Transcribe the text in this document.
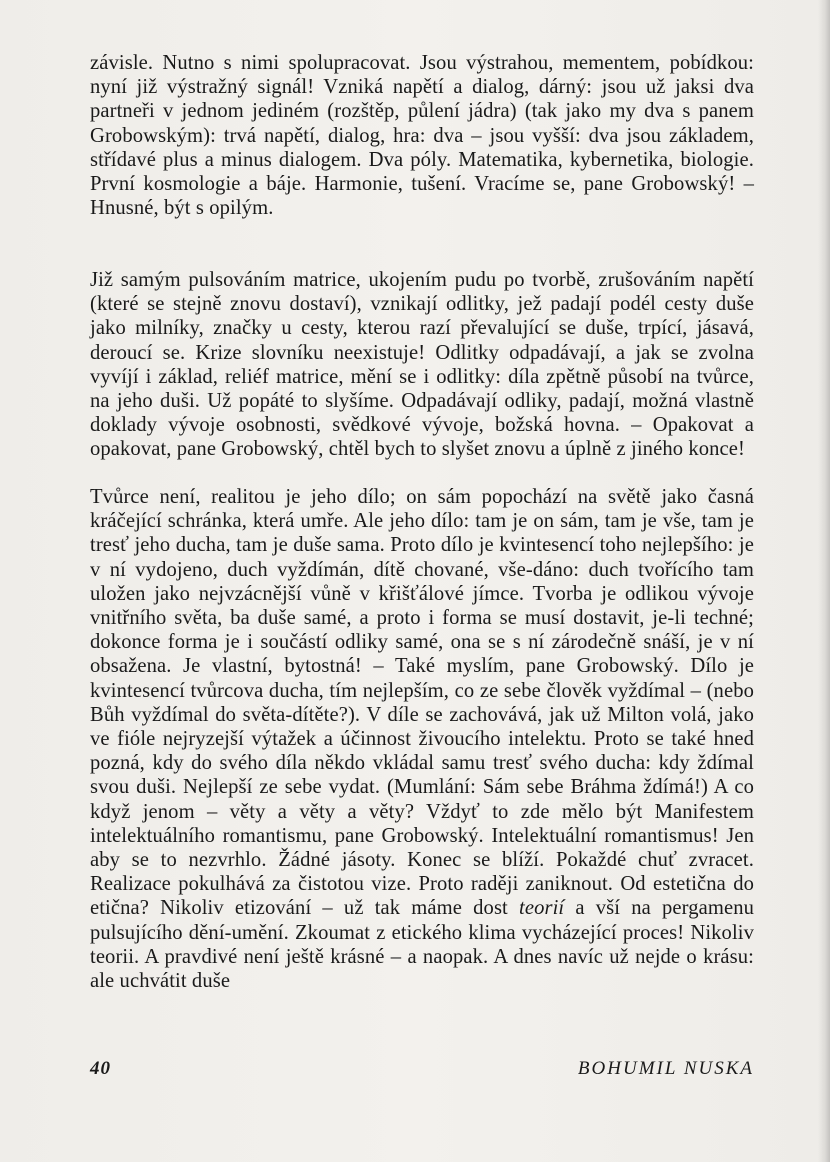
závisle. Nutno s nimi spolupracovat. Jsou výstrahou, mementem, pobídkou: nyní již výstražný signál! Vzniká napětí a dialog, dárný: jsou už jaksi dva partneři v jednom jediném (rozštěp, půlení jádra) (tak jako my dva s panem Grobowským): trvá napětí, dialog, hra: dva – jsou vyšší: dva jsou základem, střídavé plus a minus dialogem. Dva póly. Matematika, kybernetika, biologie. První kosmologie a báje. Harmonie, tušení. Vracíme se, pane Grobowský! – Hnusné, být s opilým.

Již samým pulsováním matrice, ukojením pudu po tvorbě, zrušováním napětí (které se stejně znovu dostaví), vznikají odlitky, jež padají podél cesty duše jako milníky, značky u cesty, kterou razí převalující se duše, trpící, jásavá, deroucí se. Krize slovníku neexistuje! Odlitky odpadávají, a jak se zvolna vyvíjí i základ, reliéf matrice, mění se i odlitky: díla zpětně působí na tvůrce, na jeho duši. Už popáté to slyšíme. Odpadávají odliky, padají, možná vlastně doklady vývoje osobnosti, svědkové vývoje, božská hovna. – Opakovat a opakovat, pane Grobowský, chtěl bych to slyšet znovu a úplně z jiného konce!

Tvůrce není, realitou je jeho dílo; on sám popochází na světě jako časná kráčející schránka, která umře. Ale jeho dílo: tam je on sám, tam je vše, tam je tresť jeho ducha, tam je duše sama. Proto dílo je kvintesencí toho nejlepšího: je v ní vydojeno, duch vyždímán, dítě chované, vše-dáno: duch tvořícího tam uložen jako nejvzácnější vůně v křišťálové jímce. Tvorba je odlikou vývoje vnitřního světa, ba duše samé, a proto i forma se musí dostavit, je-li techné; dokonce forma je i součástí odliky samé, ona se s ní zárodečně snáší, je v ní obsažena. Je vlastní, bytostná! – Také myslím, pane Grobowský. Dílo je kvintesencí tvůrcova ducha, tím nejlepším, co ze sebe člověk vyždímal – (nebo Bůh vyždímal do světa-dítěte?). V díle se zachovává, jak už Milton volá, jako ve fióle nejryzejší výtažek a účinnost živoucího intelektu. Proto se také hned pozná, kdy do svého díla někdo vkládal samu tresť svého ducha: kdy ždímal svou duši. Nejlepší ze sebe vydat. (Mumlání: Sám sebe Bráhma ždímá!) A co když jenom – věty a věty a věty? Vždyť to zde mělo být Manifestem intelektuálního romantismu, pane Grobowský. Intelektuální romantismus! Jen aby se to nezvrhlo. Žádné jásoty. Konec se blíží. Pokaždé chuť zvracet. Realizace pokulhává za čistotou vize. Proto raději zaniknout. Od estetična do etična? Nikoliv etizování – už tak máme dost teorií a vší na pergamenu pulsujícího dění-umění. Zkoumat z etického klima vycházející proces! Nikoliv teorii. A pravdivé není ještě krásné – a naopak. A dnes navíc už nejde o krásu: ale uchvátit duše

40	BOHUMIL NUSKA
